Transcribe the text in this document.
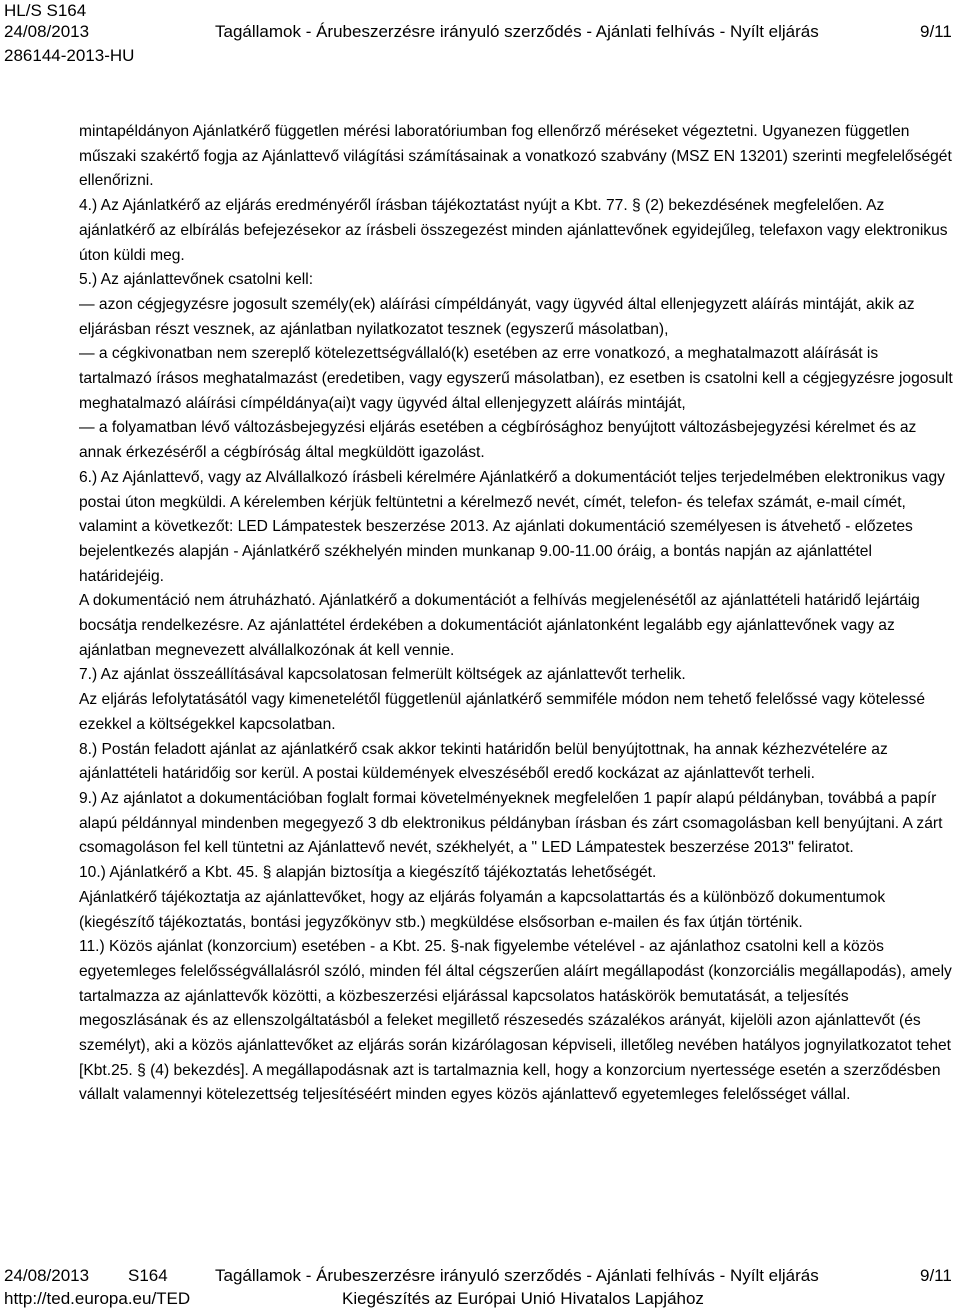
HL/S S164
24/08/2013	Tagállamok - Árubeszerzésre irányuló szerződés - Ajánlati felhívás - Nyílt eljárás	9/11
286144-2013-HU

mintapéldányon Ajánlatkérő független mérési laboratóriumban fog ellenőrző méréseket végeztetni. Ugyanezen független műszaki szakértő fogja az Ajánlattevő világítási számításainak a vonatkozó szabvány (MSZ EN 13201) szerinti megfelelőségét ellenőrizni.

4.) Az Ajánlatkérő az eljárás eredményéről írásban tájékoztatást nyújt a Kbt. 77. § (2) bekezdésének megfelelően. Az ajánlatkérő az elbírálás befejezésekor az írásbeli összegezést minden ajánlattevőnek egyidejűleg, telefaxon vagy elektronikus úton küldi meg.

5.) Az ajánlattevőnek csatolni kell:

— azon cégjegyzésre jogosult személy(ek) aláírási címpéldányát, vagy ügyvéd által ellenjegyzett aláírás mintáját, akik az eljárásban részt vesznek, az ajánlatban nyilatkozatot tesznek (egyszerű másolatban),

— a cégkivonatban nem szereplő kötelezettségvállaló(k) esetében az erre vonatkozó, a meghatalmazott aláírását is tartalmazó írásos meghatalmazást (eredetiben, vagy egyszerű másolatban), ez esetben is csatolni kell a cégjegyzésre jogosult meghatalmazó aláírási címpéldánya(ai)t vagy ügyvéd által ellenjegyzett aláírás mintáját,

— a folyamatban lévő változásbejegyzési eljárás esetében a cégbírósághoz benyújtott változásbejegyzési kérelmet és az annak érkezéséről a cégbíróság által megküldött igazolást.

6.) Az Ajánlattevő, vagy az Alvállalkozó írásbeli kérelmére Ajánlatkérő a dokumentációt teljes terjedelmében elektronikus vagy postai úton megküldi. A kérelemben kérjük feltüntetni a kérelmező nevét, címét, telefon- és telefax számát, e-mail címét, valamint a következőt: LED Lámpatestek beszerzése 2013. Az ajánlati dokumentáció személyesen is átvehető - előzetes bejelentkezés alapján - Ajánlatkérő székhelyén minden munkanap 9.00-11.00 óráig, a bontás napján az ajánlattétel határidejéig.

A dokumentáció nem átruházható. Ajánlatkérő a dokumentációt a felhívás megjelenésétől az ajánlattételi határidő lejártáig bocsátja rendelkezésre. Az ajánlattétel érdekében a dokumentációt ajánlatonként legalább egy ajánlattevőnek vagy az ajánlatban megnevezett alvállalkozónak át kell vennie.

7.) Az ajánlat összeállításával kapcsolatosan felmerült költségek az ajánlattevőt terhelik.

Az eljárás lefolytatásától vagy kimenetelétől függetlenül ajánlatkérő semmiféle módon nem tehető felelőssé vagy kötelessé ezekkel a költségekkel kapcsolatban.

8.) Postán feladott ajánlat az ajánlatkérő csak akkor tekinti határidőn belül benyújtottnak, ha annak kézhezvételére az ajánlattételi határidőig sor kerül. A postai küldemények elveszéséből eredő kockázat az ajánlattevőt terheli.

9.) Az ajánlatot a dokumentációban foglalt formai követelményeknek megfelelően 1 papír alapú példányban, továbbá a papír alapú példánnyal mindenben megegyező 3 db elektronikus példányban írásban és zárt csomagolásban kell benyújtani. A zárt csomagoláson fel kell tüntetni az Ajánlattevő nevét, székhelyét, a " LED Lámpatestek beszerzése 2013" feliratot.

10.) Ajánlatkérő a Kbt. 45. § alapján biztosítja a kiegészítő tájékoztatás lehetőségét.

Ajánlatkérő tájékoztatja az ajánlattevőket, hogy az eljárás folyamán a kapcsolattartás és a különböző dokumentumok (kiegészítő tájékoztatás, bontási jegyzőkönyv stb.) megküldése elsősorban e-mailen és fax útján történik.

11.) Közös ajánlat (konzorcium) esetében - a Kbt. 25. §-nak figyelembe vételével - az ajánlathoz csatolni kell a közös egyetemleges felelősségvállalásról szóló, minden fél által cégszerűen aláírt megállapodást (konzorciális megállapodás), amely tartalmazza az ajánlattevők közötti, a közbeszerzési eljárással kapcsolatos hatáskörök bemutatását, a teljesítés megoszlásának és az ellenszolgáltatásból a feleket megillető részesedés százalékos arányát, kijelöli azon ajánlattevőt (és személyt), aki a közös ajánlattevőket az eljárás során kizárólagosan képviseli, illetőleg nevében hatályos jognyilatkozatot tehet [Kbt.25. § (4) bekezdés]. A megállapodásnak azt is tartalmaznia kell, hogy a konzorcium nyertessége esetén a szerződésben vállalt valamennyi kötelezettség teljesítéséért minden egyes közös ajánlattevő egyetemleges felelősséget vállal.

24/08/2013 S164	Tagállamok - Árubeszerzésre irányuló szerződés - Ajánlati felhívás - Nyílt eljárás	9/11
http://ted.europa.eu/TED	Kiegészítés az Európai Unió Hivatalos Lapjához
